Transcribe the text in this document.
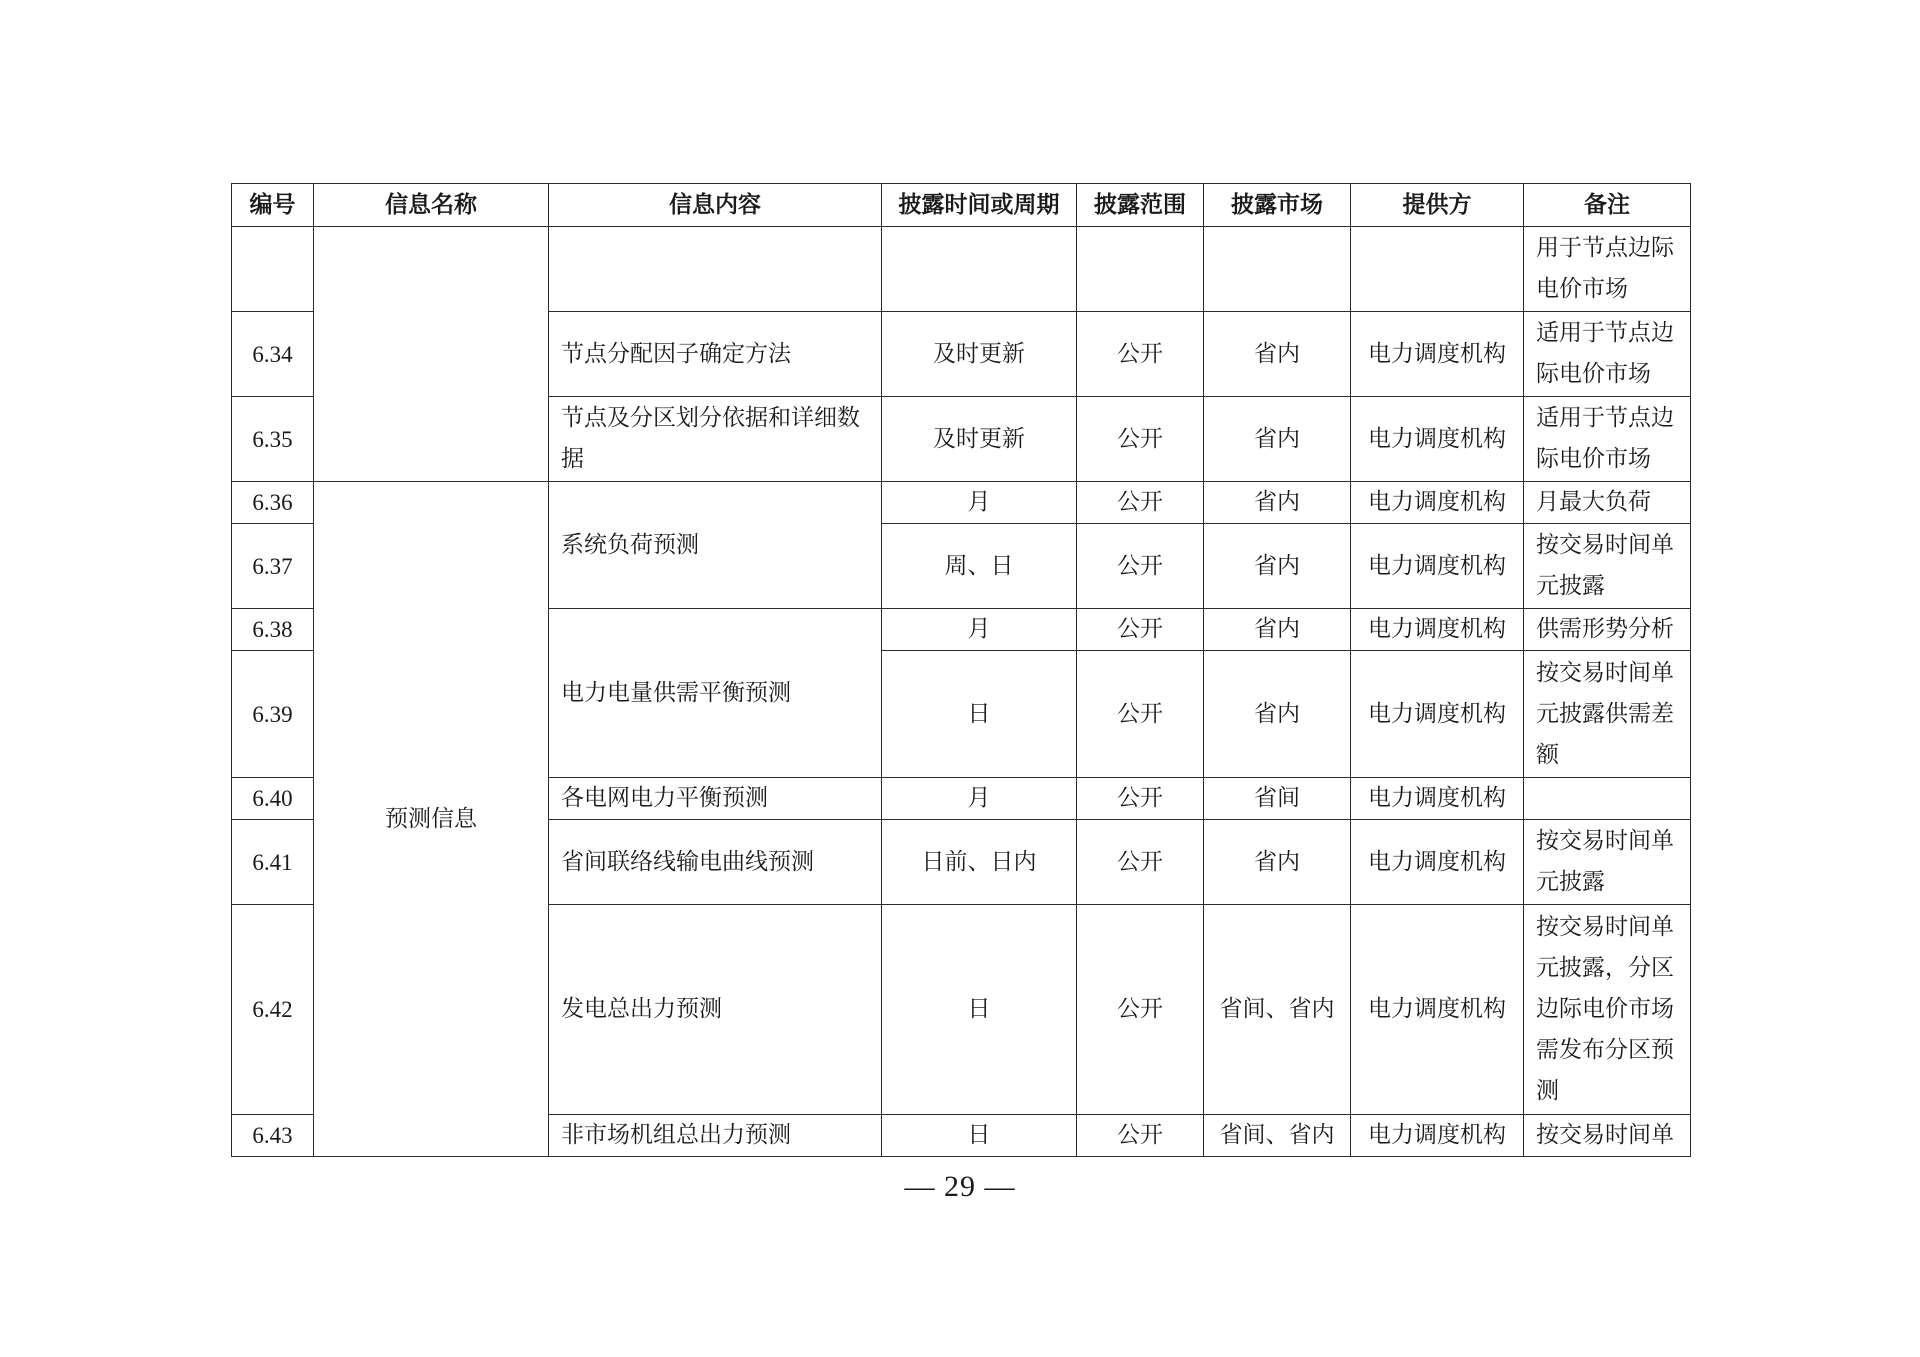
编号	信息名称	信息内容	披露时间或周期	披露范围	披露市场	提供方	备注
							用于节点边际电价市场
6.34		节点分配因子确定方法	及时更新	公开	省内	电力调度机构	适用于节点边际电价市场
6.35		节点及分区划分依据和详细数据	及时更新	公开	省内	电力调度机构	适用于节点边际电价市场
6.36	预测信息	系统负荷预测	月	公开	省内	电力调度机构	月最大负荷
6.37			周、日	公开	省内	电力调度机构	按交易时间单元披露
6.38		电力电量供需平衡预测	月	公开	省内	电力调度机构	供需形势分析
6.39			日	公开	省内	电力调度机构	按交易时间单元披露供需差额
6.40		各电网电力平衡预测	月	公开	省间	电力调度机构	
6.41		省间联络线输电曲线预测	日前、日内	公开	省内	电力调度机构	按交易时间单元披露
6.42		发电总出力预测	日	公开	省间、省内	电力调度机构	按交易时间单元披露，分区边际电价市场需发布分区预测
6.43		非市场机组总出力预测	日	公开	省间、省内	电力调度机构	按交易时间单
— 29 —
